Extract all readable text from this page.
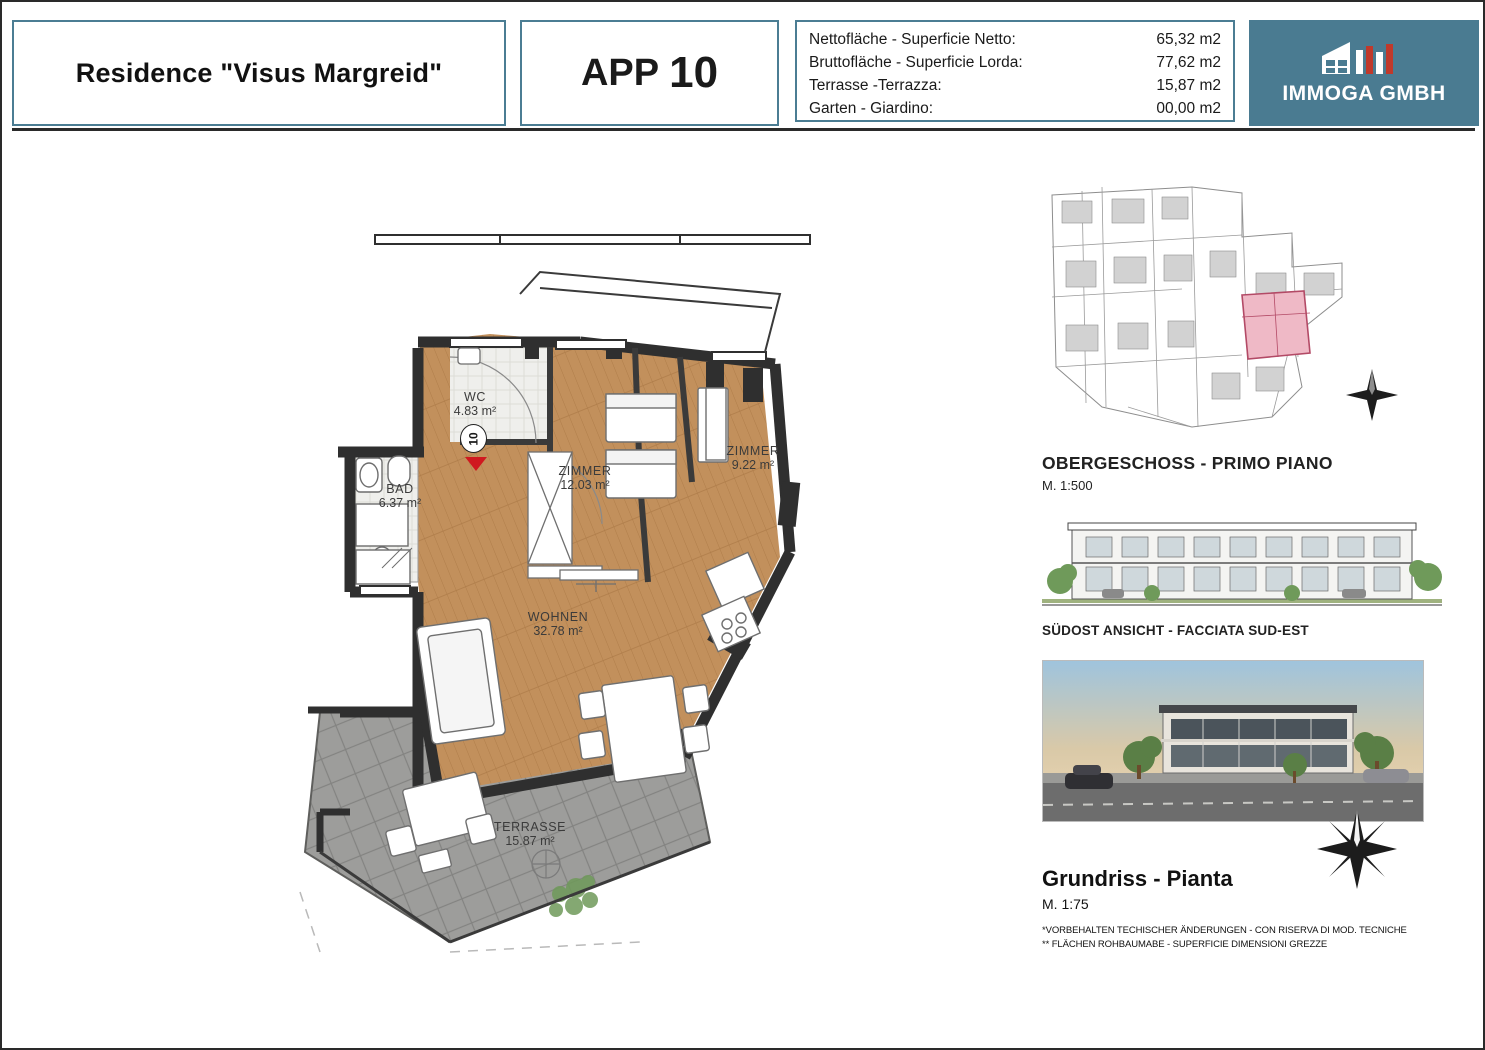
Residence "Visus Margreid"	APP 10
Nettofläche - Superficie Netto:	65,32 m2
Bruttofläche - Superficie Lorda:	77,62 m2
Terrasse -Terrazza:	15,87 m2
Garten - Giardino:	00,00 m2
IMMOGA GMBH
WC
4.83 m²
BAD
6.37 m²
ZIMMER
12.03 m²
ZIMMER
9.22 m²
WOHNEN
32.78 m²
TERRASSE
15.87 m²
10
OBERGESCHOSS - PRIMO PIANO
M. 1:500
SÜDOST ANSICHT - FACCIATA SUD-EST
Grundriss - Pianta
M. 1:75
*VORBEHALTEN TECHISCHER ÄNDERUNGEN - CON RISERVA DI MOD. TECNICHE
** FLÄCHEN ROHBAUMABE - SUPERFICIE DIMENSIONI GREZZE
